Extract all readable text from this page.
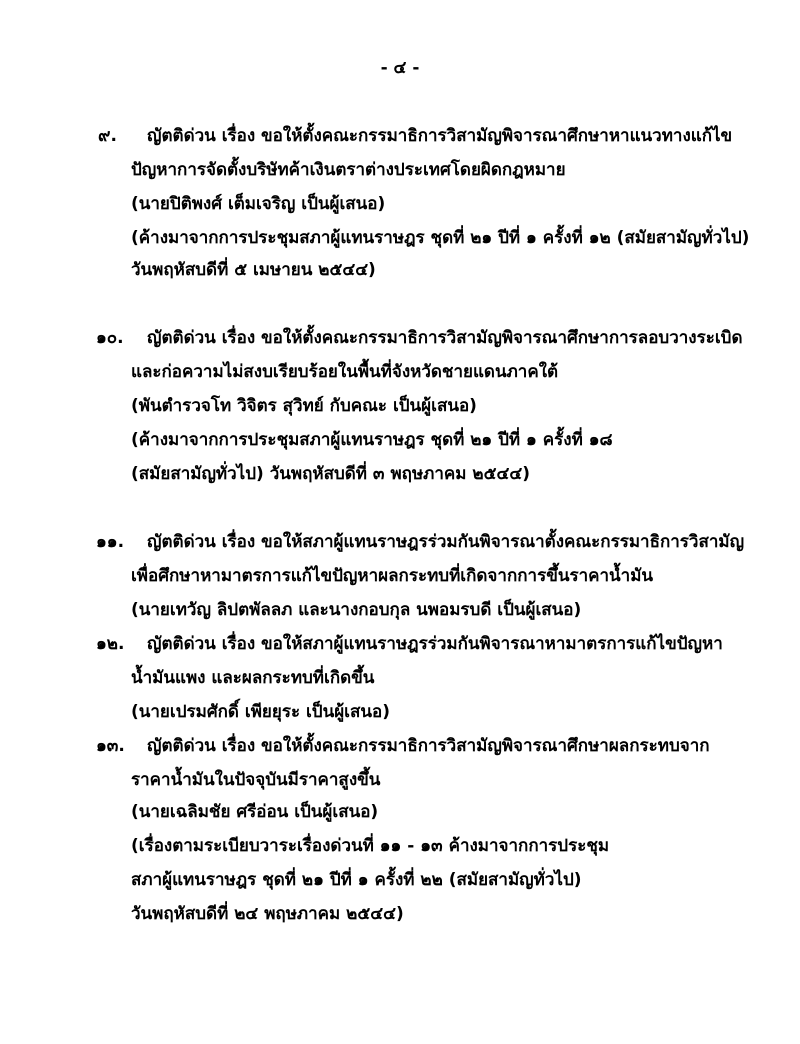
- ๔ -
๙. ญัตติด่วน เรื่อง ขอให้ตั้งคณะกรรมาธิการวิสามัญพิจารณาศึกษาหาแนวทางแก้ไข
ปัญหาการจัดตั้งบริษัทค้าเงินตราต่างประเทศโดยผิดกฎหมาย
(นายปิติพงศ์ เต็มเจริญ เป็นผู้เสนอ)
(ค้างมาจากการประชุมสภาผู้แทนราษฎร ชุดที่ ๒๑ ปีที่ ๑ ครั้งที่ ๑๒ (สมัยสามัญทั่วไป)
วันพฤหัสบดีที่ ๕ เมษายน ๒๕๔๔)
๑๐. ญัตติด่วน เรื่อง ขอให้ตั้งคณะกรรมาธิการวิสามัญพิจารณาศึกษาการลอบวางระเบิด
และก่อความไม่สงบเรียบร้อยในพื้นที่จังหวัดชายแดนภาคใต้
(พันตำรวจโท วิจิตร สุวิทย์ กับคณะ เป็นผู้เสนอ)
(ค้างมาจากการประชุมสภาผู้แทนราษฎร ชุดที่ ๒๑ ปีที่ ๑ ครั้งที่ ๑๘
(สมัยสามัญทั่วไป) วันพฤหัสบดีที่ ๓ พฤษภาคม ๒๕๔๔)
๑๑. ญัตติด่วน เรื่อง ขอให้สภาผู้แทนราษฎรร่วมกันพิจารณาตั้งคณะกรรมาธิการวิสามัญ
เพื่อศึกษาหามาตรการแก้ไขปัญหาผลกระทบที่เกิดจากการขึ้นราคาน้ำมัน
(นายเทวัญ ลิปตพัลลภ และนางกอบกุล นพอมรบดี เป็นผู้เสนอ)
๑๒. ญัตติด่วน เรื่อง ขอให้สภาผู้แทนราษฎรร่วมกันพิจารณาหามาตรการแก้ไขปัญหา
น้ำมันแพง และผลกระทบที่เกิดขึ้น
(นายเปรมศักดิ์ เพียยุระ เป็นผู้เสนอ)
๑๓. ญัตติด่วน เรื่อง ขอให้ตั้งคณะกรรมาธิการวิสามัญพิจารณาศึกษาผลกระทบจาก
ราคาน้ำมันในปัจจุบันมีราคาสูงขึ้น
(นายเฉลิมชัย ศรีอ่อน เป็นผู้เสนอ)
(เรื่องตามระเบียบวาระเรื่องด่วนที่ ๑๑ - ๑๓ ค้างมาจากการประชุม
สภาผู้แทนราษฎร ชุดที่ ๒๑ ปีที่ ๑ ครั้งที่ ๒๒ (สมัยสามัญทั่วไป)
วันพฤหัสบดีที่ ๒๔ พฤษภาคม ๒๕๔๔)
